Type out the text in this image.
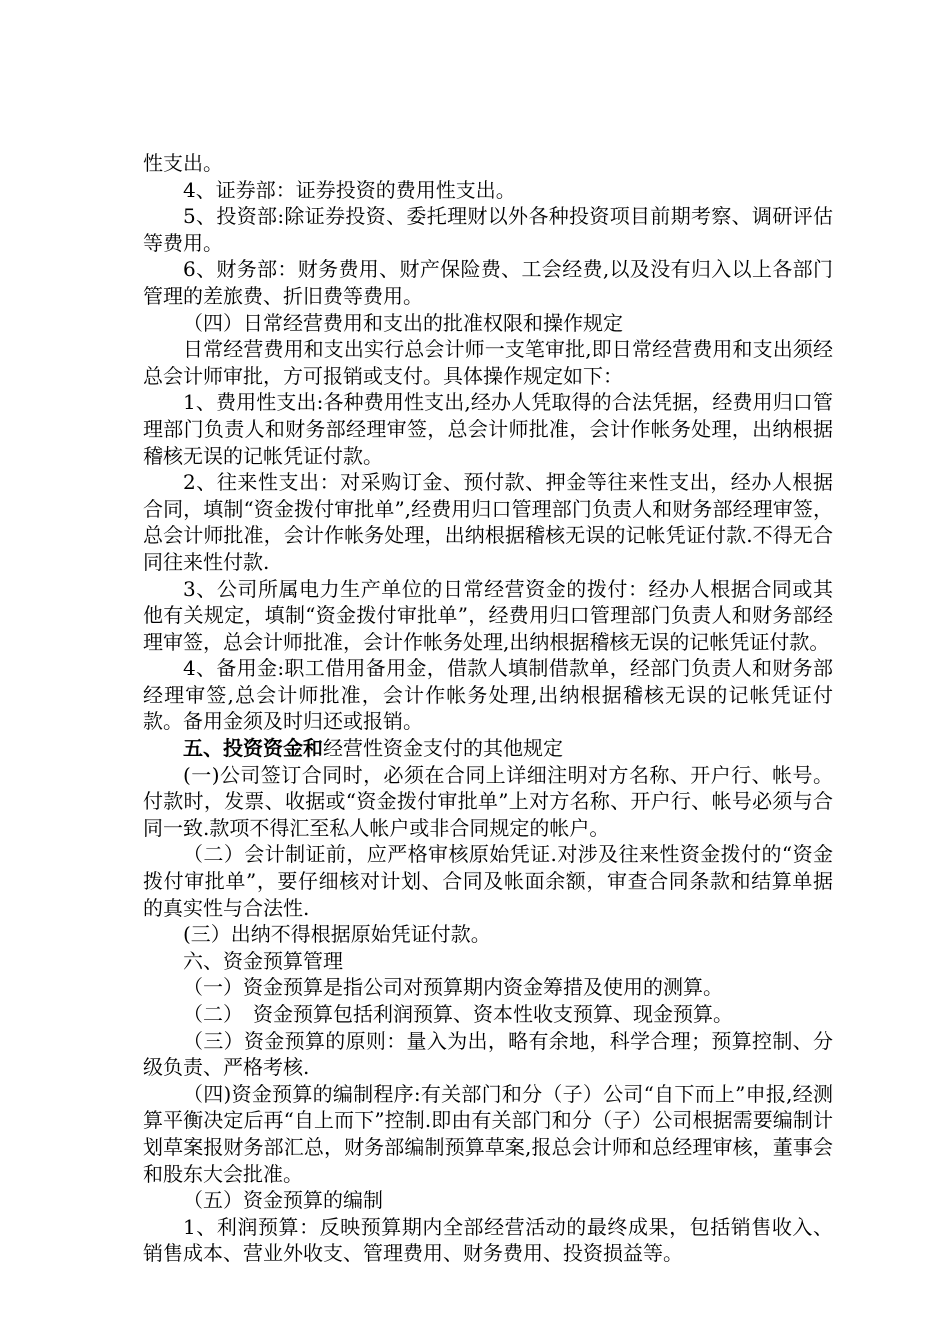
性支出。

4、证券部：证券投资的费用性支出。

5、投资部:除证券投资、委托理财以外各种投资项目前期考察、调研评估等费用。

6、财务部：财务费用、财产保险费、工会经费,以及没有归入以上各部门管理的差旅费、折旧费等费用。

（四）日常经营费用和支出的批准权限和操作规定

日常经营费用和支出实行总会计师一支笔审批,即日常经营费用和支出须经总会计师审批，方可报销或支付。具体操作规定如下：

1、费用性支出:各种费用性支出,经办人凭取得的合法凭据，经费用归口管理部门负责人和财务部经理审签，总会计师批准，会计作帐务处理，出纳根据稽核无误的记帐凭证付款。

2、往来性支出：对采购订金、预付款、押金等往来性支出，经办人根据合同，填制“资金拨付审批单”,经费用归口管理部门负责人和财务部经理审签，总会计师批准，会计作帐务处理，出纳根据稽核无误的记帐凭证付款.不得无合同往来性付款.

3、公司所属电力生产单位的日常经营资金的拨付：经办人根据合同或其他有关规定，填制“资金拨付审批单”，经费用归口管理部门负责人和财务部经理审签，总会计师批准，会计作帐务处理,出纳根据稽核无误的记帐凭证付款。

4、备用金:职工借用备用金，借款人填制借款单，经部门负责人和财务部经理审签,总会计师批准，会计作帐务处理,出纳根据稽核无误的记帐凭证付款。备用金须及时归还或报销。

五、投资资金和经营性资金支付的其他规定

(一)公司签订合同时，必须在合同上详细注明对方名称、开户行、帐号。付款时，发票、收据或“资金拨付审批单”上对方名称、开户行、帐号必须与合同一致.款项不得汇至私人帐户或非合同规定的帐户。

（二）会计制证前，应严格审核原始凭证.对涉及往来性资金拨付的“资金拨付审批单”，要仔细核对计划、合同及帐面余额，审查合同条款和结算单据的真实性与合法性.

(三）出纳不得根据原始凭证付款。

六、资金预算管理

（一）资金预算是指公司对预算期内资金筹措及使用的测算。

（二）　资金预算包括利润预算、资本性收支预算、现金预算。

（三）资金预算的原则：量入为出，略有余地，科学合理；预算控制、分级负责、严格考核.

（四)资金预算的编制程序:有关部门和分（子）公司“自下而上”申报,经测算平衡决定后再“自上而下”控制.即由有关部门和分（子）公司根据需要编制计划草案报财务部汇总，财务部编制预算草案,报总会计师和总经理审核，董事会和股东大会批准。

（五）资金预算的编制

1、利润预算：反映预算期内全部经营活动的最终成果，包括销售收入、销售成本、营业外收支、管理费用、财务费用、投资损益等。
